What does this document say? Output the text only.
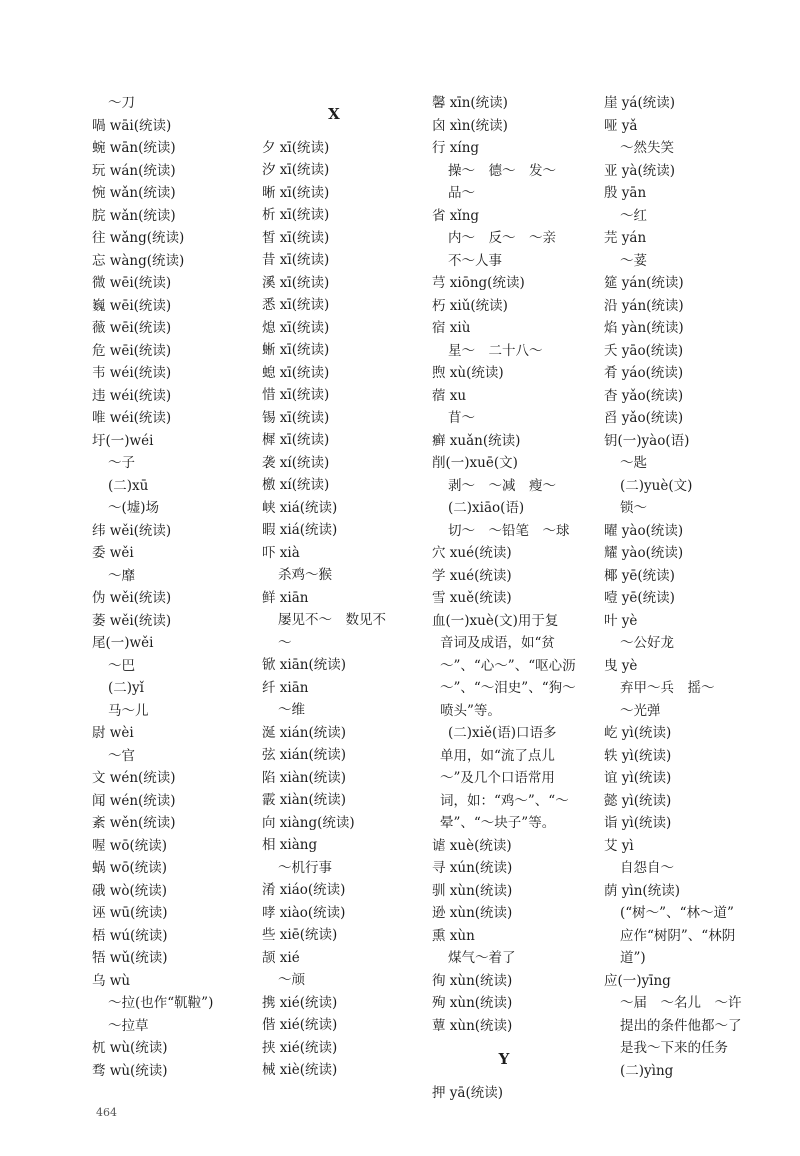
～刀
喎 wāi(统读)
蜿 wān(统读)
玩 wán(统读)
惋 wǎn(统读)
脘 wǎn(统读)
往 wǎng(统读)
忘 wàng(统读)
微 wēi(统读)
巍 wēi(统读)
薇 wēi(统读)
危 wēi(统读)
韦 wéi(统读)
违 wéi(统读)
唯 wéi(统读)
圩(一)wéi
～子
(二)xū
～(墟)场
纬 wěi(统读)
委 wěi
～靡
伪 wěi(统读)
萎 wěi(统读)
尾(一)wěi
～巴
(二)yǐ
马～儿
尉 wèi
～官
文 wén(统读)
闻 wén(统读)
紊 wěn(统读)
喔 wō(统读)
蜗 wō(统读)
硪 wò(统读)
诬 wū(统读)
梧 wú(统读)
牾 wǔ(统读)
乌 wù
～拉(也作“靰鞡”)
～拉草
杌 wù(统读)
骛 wù(统读)
X
夕 xī(统读)
汐 xī(统读)
晰 xī(统读)
析 xī(统读)
皙 xī(统读)
昔 xī(统读)
溪 xī(统读)
悉 xī(统读)
熄 xī(统读)
蜥 xī(统读)
螅 xī(统读)
惜 xī(统读)
锡 xī(统读)
樨 xī(统读)
袭 xí(统读)
檄 xí(统读)
峡 xiá(统读)
暇 xiá(统读)
吓 xià
杀鸡～猴
鲜 xiān
屡见不～　数见不
～
锨 xiān(统读)
纤 xiān
～维
涎 xián(统读)
弦 xián(统读)
陷 xiàn(统读)
霰 xiàn(统读)
向 xiàng(统读)
相 xiàng
～机行事
淆 xiáo(统读)
哮 xiào(统读)
些 xiē(统读)
颉 xié
～颃
携 xié(统读)
偕 xié(统读)
挟 xié(统读)
械 xiè(统读)
馨 xīn(统读)
囟 xìn(统读)
行 xíng
操～　德～　发～
品～
省 xǐng
内～　反～　～亲
不～人事
芎 xiōng(统读)
朽 xiǔ(统读)
宿 xiù
星～　二十八～
煦 xù(统读)
蓿 xu
苜～
癣 xuǎn(统读)
削(一)xuē(文)
剥～　～减　瘦～
(二)xiāo(语)
切～　～铅笔　～球
穴 xué(统读)
学 xué(统读)
雪 xuě(统读)
血(一)xuè(文)用于复
音词及成语，如“贫
～”、“心～”、“呕心沥
～”、“～泪史”、“狗～
喷头”等。
(二)xiě(语)口语多
单用，如“流了点儿
～”及几个口语常用
词，如：“鸡～”、“～
晕”、“～块子”等。
谑 xuè(统读)
寻 xún(统读)
驯 xùn(统读)
逊 xùn(统读)
熏 xùn
煤气～着了
徇 xùn(统读)
殉 xùn(统读)
蕈 xùn(统读)
Y
押 yā(统读)
崖 yá(统读)
哑 yǎ
～然失笑
亚 yà(统读)
殷 yān
～红
芫 yán
～荽
筵 yán(统读)
沿 yán(统读)
焰 yàn(统读)
夭 yāo(统读)
肴 yáo(统读)
杳 yǎo(统读)
舀 yǎo(统读)
钥(一)yào(语)
～匙
(二)yuè(文)
锁～
曜 yào(统读)
耀 yào(统读)
椰 yē(统读)
噎 yē(统读)
叶 yè
～公好龙
曳 yè
弃甲～兵　摇～
～光弹
屹 yì(统读)
轶 yì(统读)
谊 yì(统读)
懿 yì(统读)
诣 yì(统读)
艾 yì
自怨自～
荫 yìn(统读)
(“树～”、“林～道”
应作“树阴”、“林阴
道”)
应(一)yīng
～届　～名儿　～许
提出的条件他都～了
是我～下来的任务
(二)yìng
464
